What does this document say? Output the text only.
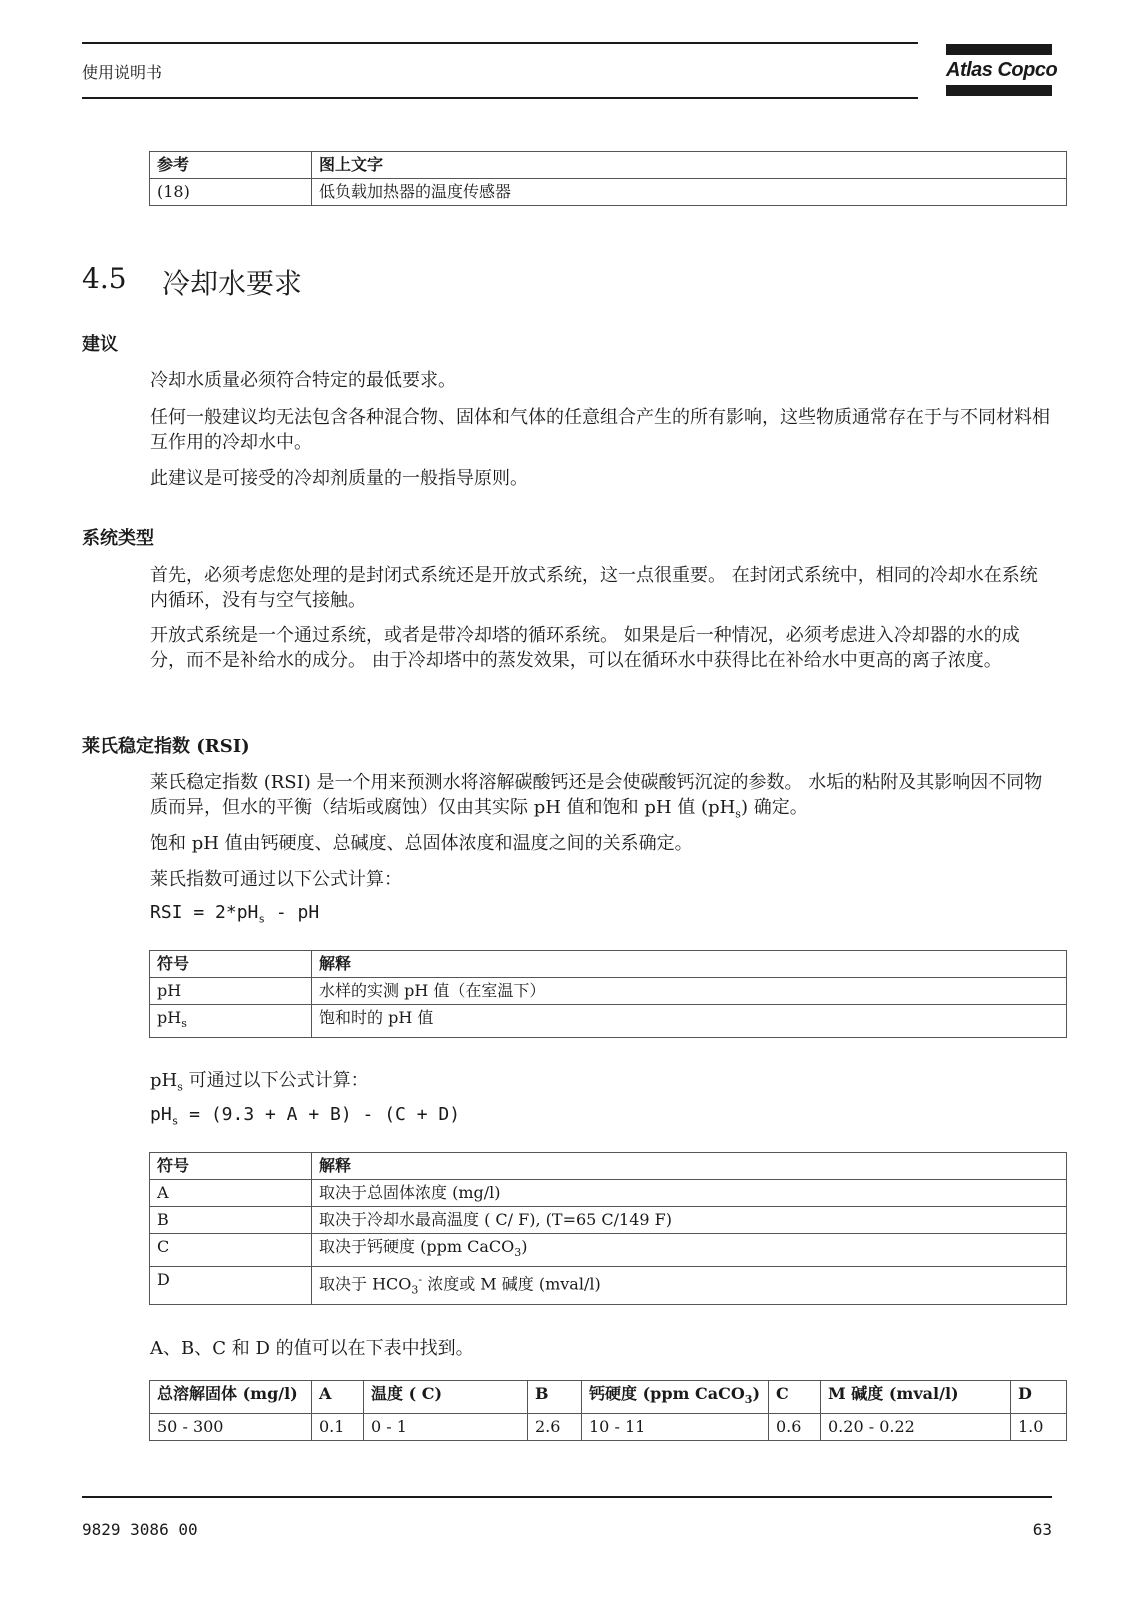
使用说明书	Atlas Copco
参考	图上文字
(18)	低负载加热器的温度传感器
4.5 冷却水要求
建议
冷却水质量必须符合特定的最低要求。
任何一般建议均无法包含各种混合物、固体和气体的任意组合产生的所有影响，这些物质通常存在于与不同材料相互作用的冷却水中。
此建议是可接受的冷却剂质量的一般指导原则。
系统类型
首先，必须考虑您处理的是封闭式系统还是开放式系统，这一点很重要。 在封闭式系统中，相同的冷却水在系统内循环，没有与空气接触。
开放式系统是一个通过系统，或者是带冷却塔的循环系统。 如果是后一种情况，必须考虑进入冷却器的水的成分，而不是补给水的成分。 由于冷却塔中的蒸发效果，可以在循环水中获得比在补给水中更高的离子浓度。
莱氏稳定指数 (RSI)
莱氏稳定指数 (RSI) 是一个用来预测水将溶解碳酸钙还是会使碳酸钙沉淀的参数。 水垢的粘附及其影响因不同物质而异，但水的平衡（结垢或腐蚀）仅由其实际 pH 值和饱和 pH 值 $(pH_s)$ 确定。
饱和 pH 值由钙硬度、总碱度、总固体浓度和温度之间的关系确定。
莱氏指数可通过以下公式计算：
RSI = $2*pH_s$ - pH
符号	解释
pH	水样的实测 pH 值（在室温下）
$pH_s$	饱和时的 pH 值
$pH_s$ 可通过以下公式计算：
$pH_s = (9.3 + A + B) - (C + D)$
符号	解释
A	取决于总固体浓度 (mg/l)
B	取决于冷却水最高温度 ( C/ F), (T=65 C/149 F)
C	取决于钙硬度 (ppm CaCO$_3$)
D	取决于 $HCO_3^-$ 浓度或 M 碱度 (mval/l)
A、B、C 和 D 的值可以在下表中找到。
总溶解固体 (mg/l)	A	温度 ( C)	B	钙硬度 (ppm CaCO$_3$)	C	M 碱度 (mval/l)	D
50 - 300	0.1	0 - 1	2.6	10 - 11	0.6	0.20 - 0.22	1.0
9829 3086 00	63
